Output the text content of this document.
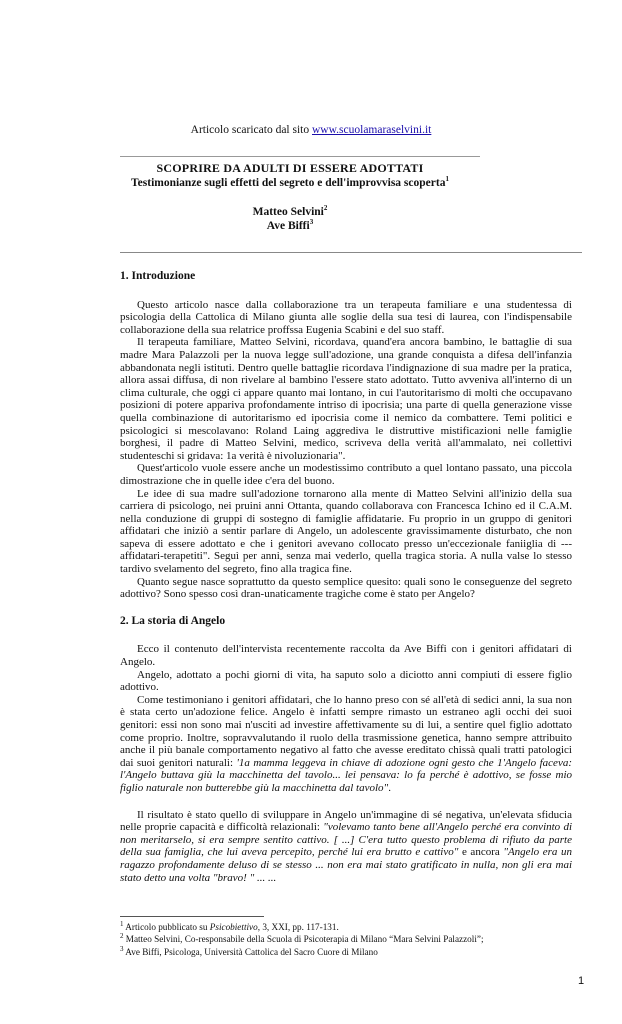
Articolo scaricato dal sito www.scuolamaraselvini.it
SCOPRIRE DA ADULTI DI ESSERE ADOTTATI
Testimonianze sugli effetti del segreto e dell'improvvisa scoperta$^1$
Matteo Selvini$^2$
Ave Biffi$^3$
1. Introduzione

Questo articolo nasce dalla collaborazione tra un terapeuta familiare e una studentessa di psicologia della Cattolica di Milano giunta alle soglie della sua tesi di laurea, con l'indispensabile collaborazione della sua relatrice proffssa Eugenia Scabini e del suo staff.

Il terapeuta familiare, Matteo Selvini, ricordava, quand'era ancora bambino, le battaglie di sua madre Mara Palazzoli per la nuova legge sull'adozione, una grande conquista a difesa dell'infanzia abbandonata negli istituti. Dentro quelle battaglie ricordava l'indignazione di sua madre per la pratica, allora assai diffusa, di non rivelare al bambino l'essere stato adottato. Tutto avveniva all'interno di un clima culturale, che oggi ci appare quanto mai lontano, in cui l'autoritarismo di molti che occupavano posizioni di potere appariva profondamente intriso di ipocrisia; una parte di quella generazione visse quella combinazione di autoritarismo ed ipocrisia come il nemico da combattere. Temi politici e psicologici si mescolavano: Roland Laing aggrediva le distruttive mistificazioni nelle famiglie borghesi, il padre di Matteo Selvini, medico, scriveva della verità all'ammalato, nei collettivi studenteschi si gridava: 1a verità è nivoluzionaria".

Quest'articolo vuole essere anche un modestissimo contributo a quel lontano passato, una piccola dimostrazione che in quelle idee c'era del buono.

Le idee di sua madre sull'adozione tornarono alla mente di Matteo Selvini all'inizio della sua carriera di psicologo, nei pruini anni Ottanta, quando collaborava con Francesca Ichino ed il C.A.M. nella conduzione di gruppi di sostegno di famiglie affidatarie. Fu proprio in un gruppo di genitori affidatari che iniziò a sentir parlare di Angelo, un adolescente gravissimamente disturbato, che non sapeva di essere adottato e che i genitori avevano collocato presso un'eccezionale faniiglia di ---affidatari-terapetiti". Seguì per anni, senza mai vederlo, quella tragica storia. A nulla valse lo stesso tardivo svelamento del segreto, fino alla tragica fine.

Quanto segue nasce soprattutto da questo semplice quesito: quali sono le conseguenze del segreto adottivo? Sono spesso così dran-unaticamente tragiche come è stato per Angelo?

2. La storia di Angelo

Ecco il contenuto dell'intervista recentemente raccolta da Ave Biffi con i genitori affidatari di Angelo.

Angelo, adottato a pochi giorni di vita, ha saputo solo a diciotto anni compiuti di essere figlio adottivo.

Come testimoniano i genitori affidatari, che lo hanno preso con sé all'età di sedici anni, la sua non è stata certo un'adozione felice. Angelo è infatti sempre rimasto un estraneo agli occhi dei suoi genitori: essi non sono mai n'usciti ad investire affettivamente su di lui, a sentire quel figlio adottato come proprio. Inoltre, sopravvalutando il ruolo della trasmissione genetica, hanno sempre attribuito anche il più banale comportamento negativo al fatto che avesse ereditato chissà quali tratti patologici dai suoi genitori naturali: '1a mamma leggeva in chiave di adozione ogni gesto che 1'Angelo faceva: l'Angelo buttava giù la macchinetta del tavolo... lei pensava: lo fa perché è adottivo, se fosse mio figlio naturale non butterebbe giù la macchinetta dal tavolo".

Il risultato è stato quello di sviluppare in Angelo un'immagine di sé negativa, un'elevata sfiducia nelle proprie capacità e difficoltà relazionali: "volevamo tanto bene all'Angelo perché era convinto di non meritarselo, si era sempre sentito cattivo. [ ...] C'era tutto questo problema di rifiuto da parte della sua famiglia, che lui aveva percepito, perché lui era brutto e cattivo" e ancora "Angelo era un ragazzo profondamente deluso di se stesso ... non era mai stato gratificato in nulla, non gli era mai stato detto una volta "bravo! " ... ...

$^1$ Articolo pubblicato su Psicobiettivo, 3, XXI, pp. 117-131.

$^2$ Matteo Selvini, Co-responsabile della Scuola di Psicoterapia di Milano “Mara Selvini Palazzoli”;

$^3$ Ave Biffi, Psicologa, Università Cattolica del Sacro Cuore di Milano

1
